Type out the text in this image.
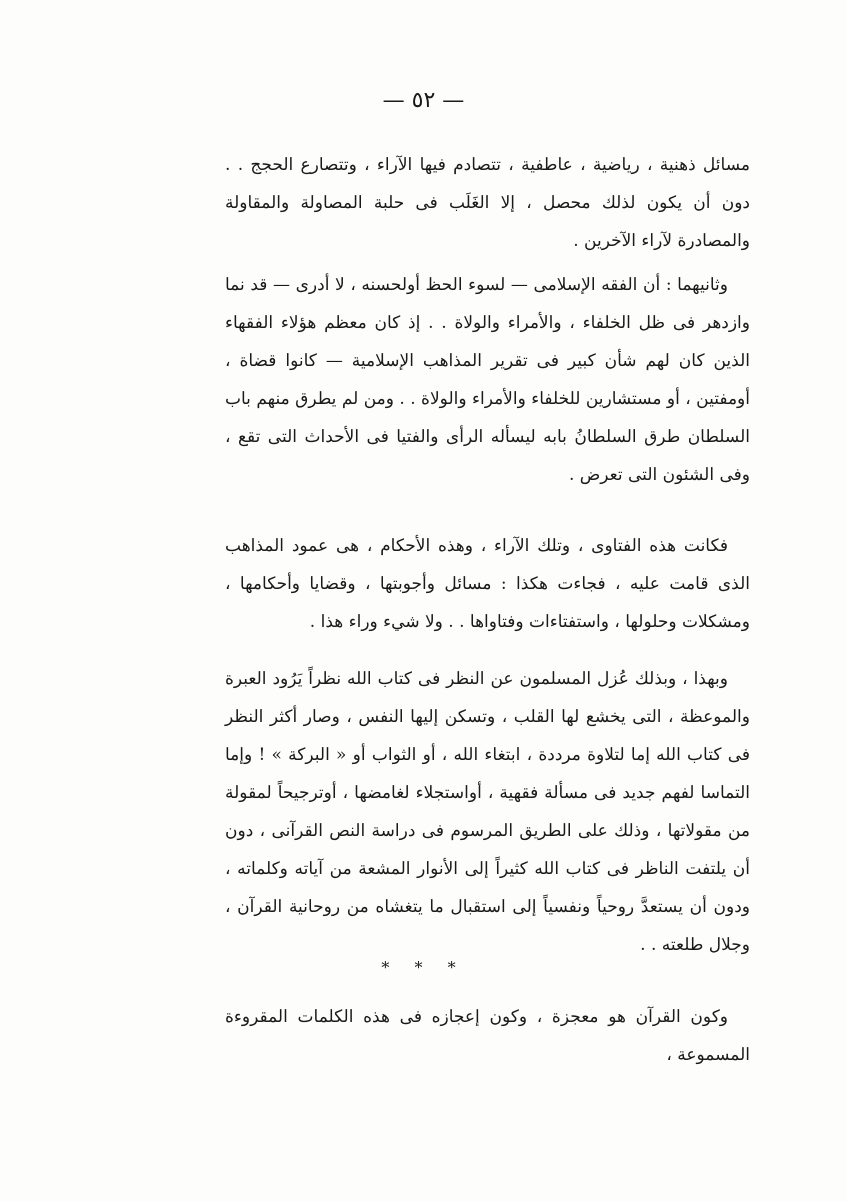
— ٥٢ —

مسائل ذهنية ، رياضية ، عاطفية ، تتصادم فيها الآراء ، وتتصارع الحجج . . دون أن يكون لذلك محصل ، إلا الغَلَب فى حلبة المصاولة والمقاولة والمصادرة لآراء الآخرين .

وثانيهما : أن الفقه الإسلامى — لسوء الحظ أولحسنه ، لا أدرى — قد نما وازدهر فى ظل الخلفاء ، والأمراء والولاة . . إذ كان معظم هؤلاء الفقهاء الذين كان لهم شأن كبير فى تقرير المذاهب الإسلامية — كانوا قضاة ، أومفتين ، أو مستشارين للخلفاء والأمراء والولاة . . ومن لم يطرق منهم باب السلطان طرق السلطانُ بابه ليسأله الرأى والفتيا فى الأحداث التى تقع ، وفى الشئون التى تعرض .

فكانت هذه الفتاوى ، وتلك الآراء ، وهذه الأحكام ، هى عمود المذاهب الذى قامت عليه ، فجاءت هكذا : مسائل وأجوبتها ، وقضايا وأحكامها ، ومشكلات وحلولها ، واستفتاءات وفتاواها . . ولا شيء وراء هذا .

وبهذا ، وبذلك عُزل المسلمون عن النظر فى كتاب الله نظراً يَرُود العبرة والموعظة ، التى يخشع لها القلب ، وتسكن إليها النفس ، وصار أكثر النظر فى كتاب الله إما لتلاوة مرددة ، ابتغاء الله ، أو الثواب أو « البركة » ! وإما التماسا لفهم جديد فى مسألة فقهية ، أواستجلاء لغامضها ، أوترجيحاً لمقولة من مقولاتها ، وذلك على الطريق المرسوم فى دراسة النص القرآنى ، دون أن يلتفت الناظر فى كتاب الله كثيراً إلى الأنوار المشعة من آياته وكلماته ، ودون أن يستعدَّ روحياً ونفسياً إلى استقبال ما يتغشاه من روحانية القرآن ، وجلال طلعته . .

* * *

وكون القرآن هو معجزة ، وكون إعجازه فى هذه الكلمات المقروءة المسموعة ،
